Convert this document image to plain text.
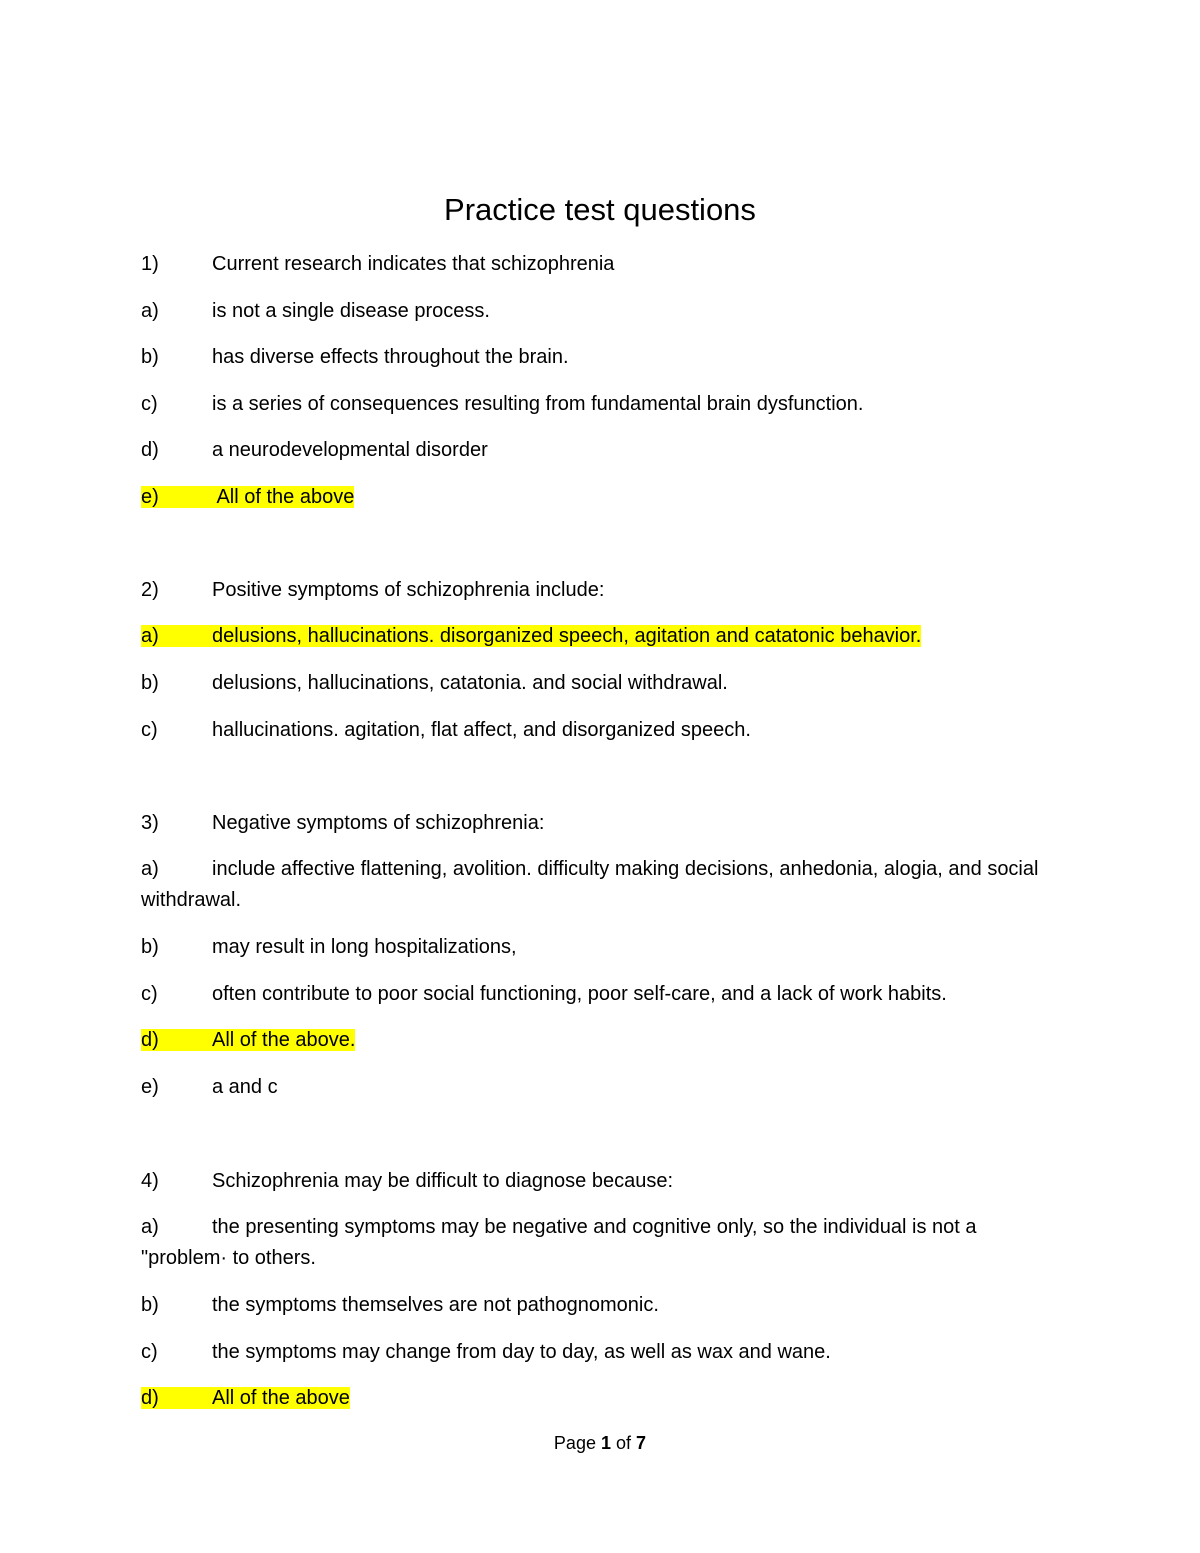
Practice test questions
1)	Current research indicates that schizophrenia
a)	is not a single disease process.
b)	has diverse effects throughout the brain.
c)	is a series of consequences resulting from fundamental brain dysfunction.
d)	a neurodevelopmental disorder
e)	All of the above
2)	Positive symptoms of schizophrenia include:
a)	delusions, hallucinations. disorganized speech, agitation and catatonic behavior.
b)	delusions, hallucinations, catatonia. and social withdrawal.
c)	hallucinations. agitation, flat affect, and disorganized speech.
3)	Negative symptoms of schizophrenia:
a)	include affective flattening, avolition. difficulty making decisions, anhedonia, alogia, and social withdrawal.
b)	may result in long hospitalizations,
c)	often contribute to poor social functioning, poor self-care, and a lack of work habits.
d)	All of the above.
e)	a and c
4)	Schizophrenia may be difficult to diagnose because:
a)	the presenting symptoms may be negative and cognitive only, so the individual is not a "problem· to others.
b)	the symptoms themselves are not pathognomonic.
c)	the symptoms may change from day to day, as well as wax and wane.
d)	All of the above
Page 1 of 7
